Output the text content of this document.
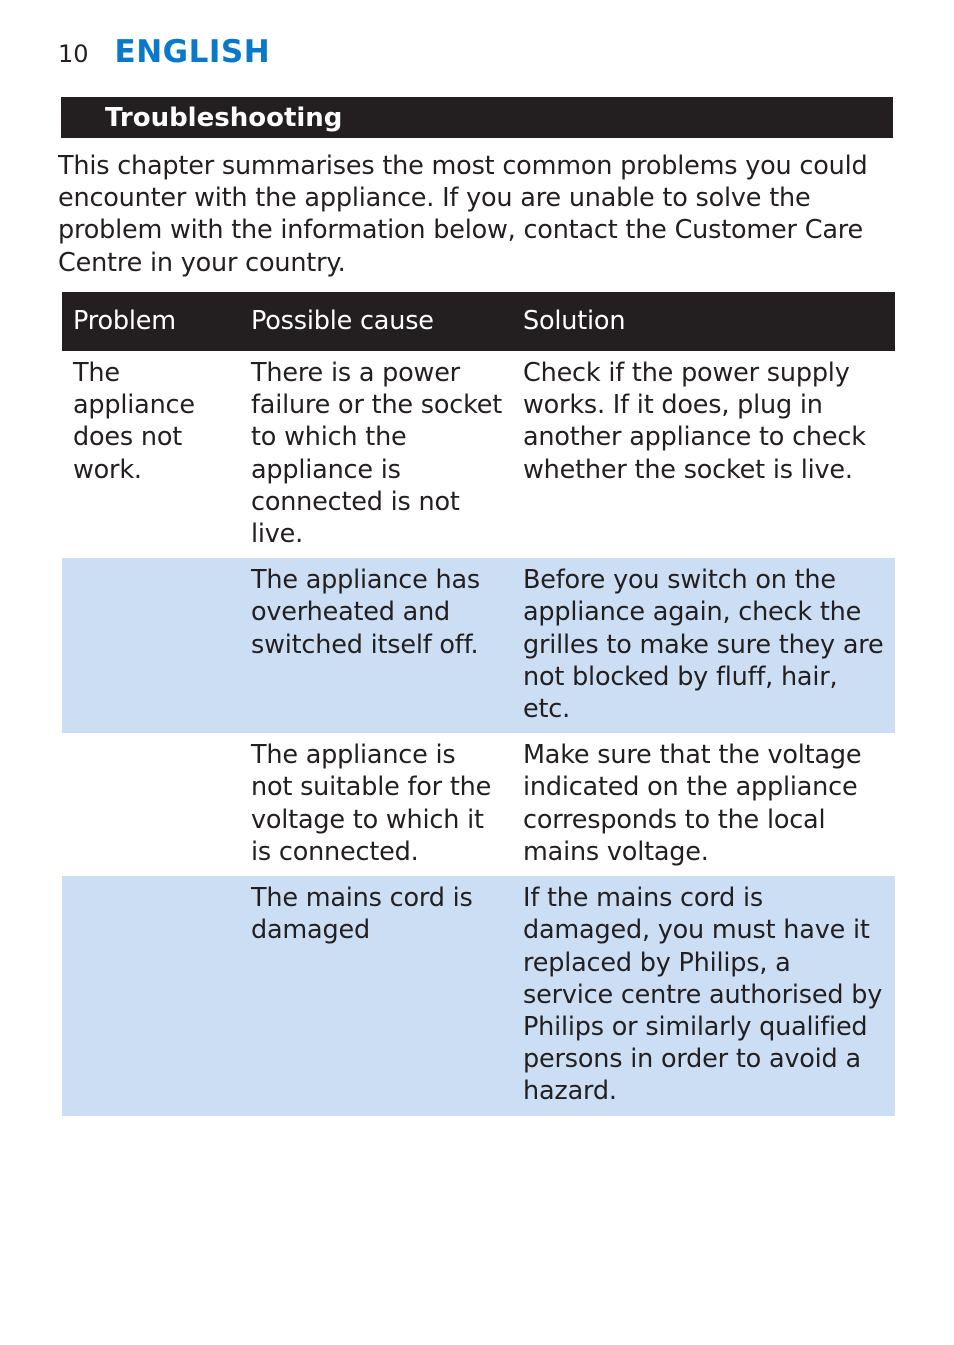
10 ENGLISH
Troubleshooting

This chapter summarises the most common problems you could encounter with the appliance. If you are unable to solve the problem with the information below, contact the Customer Care Centre in your country.

Problem	Possible cause	Solution
The appliance does not work.	There is a power failure or the socket to which the appliance is connected is not live.	Check if the power supply works. If it does, plug in another appliance to check whether the socket is live.
	The appliance has overheated and switched itself off.	Before you switch on the appliance again, check the grilles to make sure they are not blocked by fluff, hair, etc.
	The appliance is not suitable for the voltage to which it is connected.	Make sure that the voltage indicated on the appliance corresponds to the local mains voltage.
	The mains cord is damaged	If the mains cord is damaged, you must have it replaced by Philips, a service centre authorised by Philips or similarly qualified persons in order to avoid a hazard.
